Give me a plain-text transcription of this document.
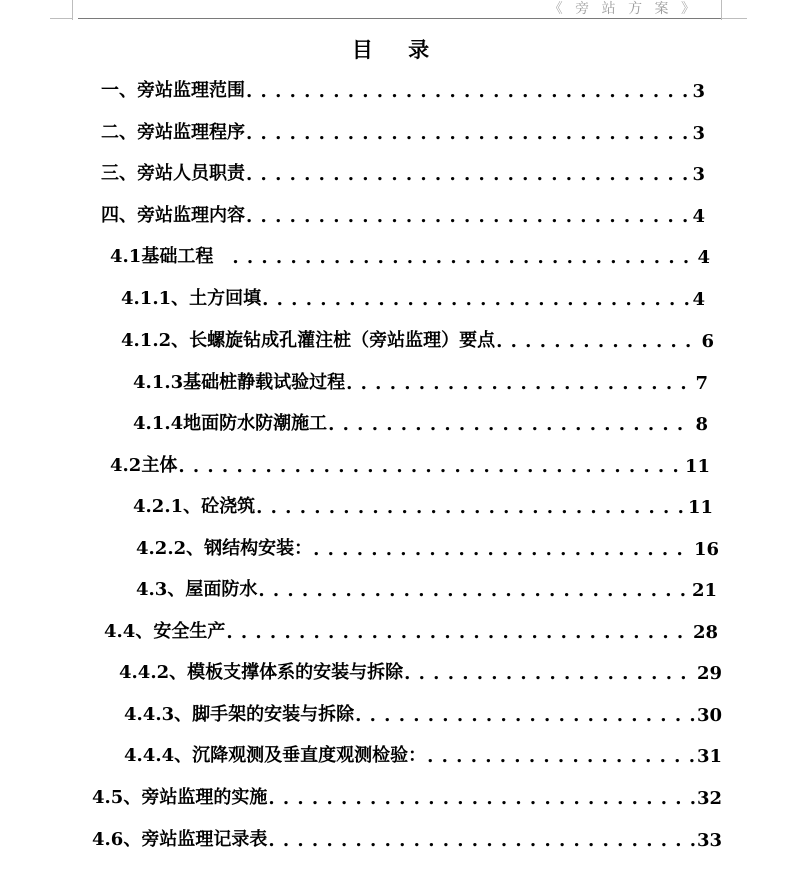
《 旁 站 方 案 》
目 录
一、旁站监理范围 . . .	3
二、旁站监理程序 . . .	3
三、旁站人员职责 . . .	3
四、旁站监理内容 . . .	4
4.1基础工程 . . .	4
4.1.1、土方回填 . . .	4
4.1.2、长螺旋钻成孔灌注桩（旁站监理）要点 . . .	6
4.1.3基础桩静载试验过程 . . .	7
4.1.4地面防水防潮施工 . . .	8
4.2主体 . . .	11
4.2.1、砼浇筑 . . .	11
4.2.2、钢结构安装： . . .	16
4.3、屋面防水 . . .	21
4.4、安全生产 . . .	28
4.4.2、模板支撑体系的安装与拆除 . . .	29
4.4.3、脚手架的安装与拆除 . . .	30
4.4.4、沉降观测及垂直度观测检验： . . .	31
4.5、旁站监理的实施 . . .	32
4.6、旁站监理记录表 . . .	33
